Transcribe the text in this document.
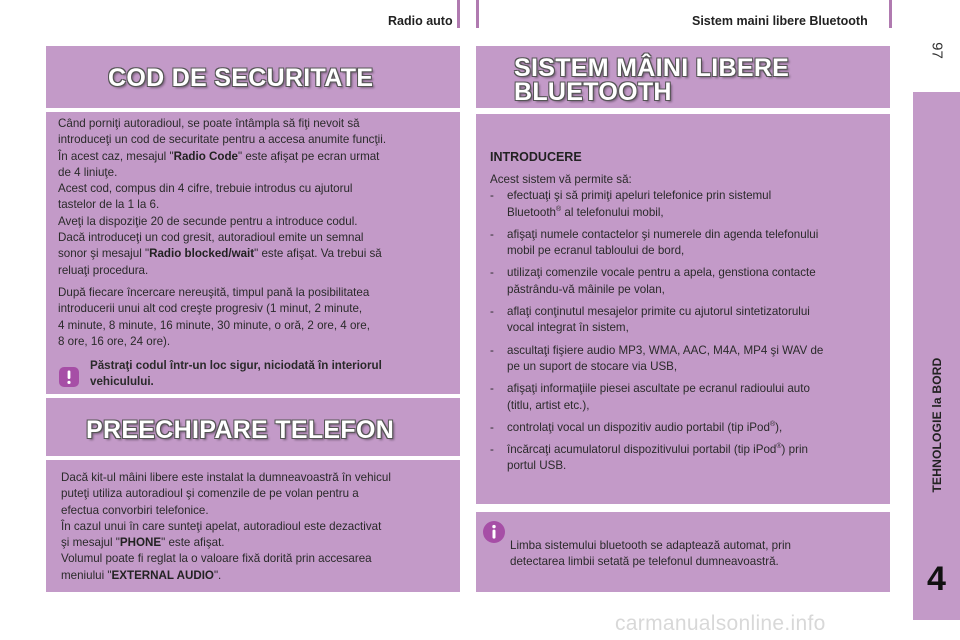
Radio auto	Sistem maini libere Bluetooth
97
TEHNOLOGIE la BORD
4
COD DE SECURITATE

Când porniţi autoradioul, se poate întâmpla să fiţi nevoit să

introduceţi un cod de securitate pentru a accesa anumite funcţii.

În acest caz, mesajul "Radio Code" este afişat pe ecran urmat

de 4 liniuţe.

Acest cod, compus din 4 cifre, trebuie introdus cu ajutorul

tastelor de la 1 la 6.

Aveţi la dispoziţie 20 de secunde pentru a introduce codul.

Dacă introduceţi un cod gresit, autoradioul emite un semnal

sonor şi mesajul "Radio blocked/wait" este afişat. Va trebui să

reluaţi procedura.

După fiecare încercare nereuşită, timpul pană la posibilitatea

introducerii unui alt cod creşte progresiv (1 minut, 2 minute,

4 minute, 8 minute, 16 minute, 30 minute, o oră, 2 ore, 4 ore,

8 ore, 16 ore, 24 ore).

Păstraţi codul într-un loc sigur, niciodată în interiorul

vehiculului.

PREECHIPARE TELEFON

Dacă kit-ul mâini libere este instalat la dumneavoastră în vehicul

puteţi utiliza autoradioul şi comenzile de pe volan pentru a

efectua convorbiri telefonice.

În cazul unui în care sunteţi apelat, autoradioul este dezactivat

şi mesajul "PHONE" este afişat.

Volumul poate fi reglat la o valoare fixă dorită prin accesarea

meniului "EXTERNAL AUDIO".

SISTEM MÂINI LIBERE
BLUETOOTH
INTRODUCERE

Acest sistem vă permite să:

- efectuaţi şi să primiţi apeluri telefonice prin sistemul
Bluetooth® al telefonului mobil,
- afişaţi numele contactelor şi numerele din agenda telefonului
mobil pe ecranul tabloului de bord,
- utilizaţi comenzile vocale pentru a apela, genstiona contacte
păstrându-vă mâinile pe volan,
- aflaţi conţinutul mesajelor primite cu ajutorul sintetizatorului
vocal integrat în sistem,
- ascultaţi fişiere audio MP3, WMA, AAC, M4A, MP4 şi WAV de
pe un suport de stocare via USB,
- afişaţi informaţiile piesei ascultate pe ecranul radioului auto
(titlu, artist etc.),
- controlaţi vocal un dispozitiv audio portabil (tip iPod®),
- încărcaţi acumulatorul dispozitivului portabil (tip iPod®) prin
portul USB.

Limba sistemului bluetooth se adaptează automat, prin

detectarea limbii setată pe telefonul dumneavoastră.

carmanualsonline.info
